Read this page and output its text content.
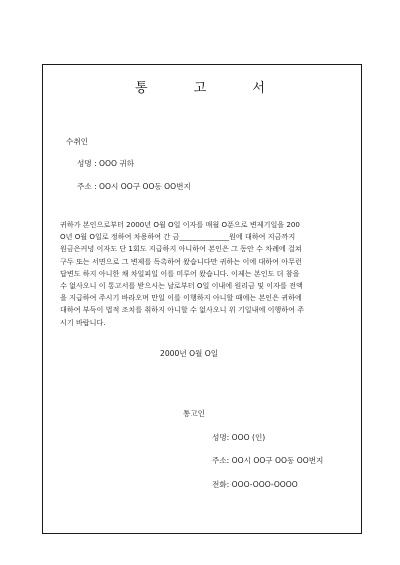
통 고 서
수취인
성명 : OOO 귀하
주소 : OO시 OO구 OO동 OO번지
귀하가 본인으로부터 2000년 O월 O일 이자를 매월 O푼으로 변제기일을 200
O년 O월 O일로 정하여 차용하여 간 금______________원에 대하여 지금까지
원금은커녕 이자도 단 1회도 지급하지 아니하여 본인은 그 동안 수 차례에 걸쳐
구두 또는 서면으로 그 변제를 독촉하여 왔습니다만 귀하는 이에 대하여 아무런
답변도 하지 아니한 채 차일피일 이를 미루어 왔습니다. 이제는 본인도 더 참을
수 없사오니 이 통고서를 받으시는 날로부터 O일 이내에 원리금 및 이자를 전액
을 지급하여 주시기 바라오며 만일 이를 이행하지 아니할 때에는 본인은 귀하에
대하여 부득이 법적 조치를 취하지 아니할 수 없사오니 위 기일내에 이행하여 주
시기 바랍니다.
2000년 O월 O일
통고인
성명: OOO (인)
주소: OO시 OO구 OO동 OO번지
전화: OOO-OOO-OOOO
